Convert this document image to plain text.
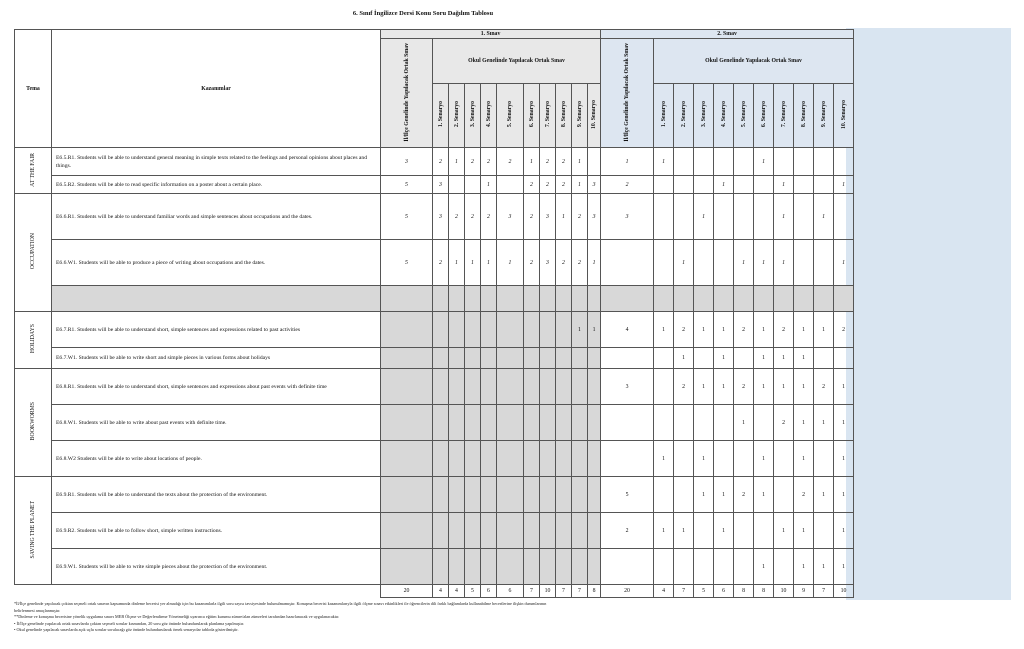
6. Sınıf İngilizce Dersi Konu Soru Dağılım Tablosu
Tema	Kazanımlar	1. Sınav											2. Sınav										
		İl/İlçe Genelinde Yapılacak Ortak Sınav	Okul Genelinde Yapılacak Ortak Sınav										İl/İlçe Genelinde Yapılacak Ortak Sınav	Okul Genelinde Yapılacak Ortak Sınav									
			1. Senaryo	2. Senaryo	3. Senaryo	4. Senaryo	5. Senaryo	6. Senaryo	7. Senaryo	8. Senaryo	9. Senaryo	10. Senaryo		1. Senaryo	2. Senaryo	3. Senaryo	4. Senaryo	5. Senaryo	6. Senaryo	7. Senaryo	8. Senaryo	9. Senaryo	10. Senaryo
AT THE FAIR	E6.5.R1. Students will be able to understand general meaning in simple texts related to the feelings and personal opinions about places and things.	3	2	1	2	2	2	1	2	2	1		1	1					1				
	E6.5.R2. Students will be able to read specific information on a poster about a certain place.	5	3			1		2	2	2	1	3	2				1			1			1
OCCUPATION	E6.6.R1. Students will be able to understand familiar words and simple sentences about occupations and the dates.	5	3	2	2	2	3	2	3	1	2	3	3			1				1		1	
	E6.6.W1. Students will be able to produce a piece of writing about occupations and the dates.	5	2	1	1	1	1	2	3	2	2	1			1			1	1	1			1

HOLIDAYS	E6.7.R1. Students will be able to understand short, simple sentences and expressions related to past activities										1	1	4	1	2	1	1	2	1	2	1	1	2
	E6.7.W1. Students will be able to write short and simple pieces in various forms about holidays														1		1		1	1	1		
BOOKWORMS	E6.8.R1. Students will be able to understand short, simple sentences and expressions about past events with definite time												3		2	1	1	2	1	1	1	2	1
	E6.8.W1. Students will be able to write about past events with definite time.																	1		2	1	1	1
	E6.8.W2 Students will be able to write about locations of people.													1		1			1		1		1
SAVING THE PLANET	E6.9.R1. Students will be able to understand the texts about the protection of the environment.												5			1	1	2	1		2	1	1
	E6.9.R2. Students will be able to follow short, simple written instructions.												2	1	1		1			1	1		1
	E6.9.W1. Students will be able to write simple pieces about the protection of the environment.																		1		1	1	1
		20	4	4	5	6	6	7	10	7	7	8	20	4	7	5	6	8	8	10	9	7	10
*İl/İlçe genelinde yapılacak çoktan seçmeli ortak sınavın kapsamında dinleme becerisi yer almadığı için bu kazanımlarla ilgili soru sayısı tavsiyesinde bulunulmamıştır. Konuşma becerisi kazanımlarıyla ilgili ölçme sınavı etkinlikleri ile öğrencilerin dili farklı bağlamlarda kullanabilme becerilerine ilişkin durumlarının
belirlenmesi amaçlanmıştır.
**Dinleme ve konuşma becerisine yönelik uygulama sınavı MEB Ölçme ve Değerlendirme Yönetmeliği uyarınca eğitim kurumu zümre/alan zümreleri tarafından hazırlanacak ve uygulanacaktır.
• İl/İlçe genelinde yapılacak ortak sınavlarda çoktan seçmeli sorular kısmından, 20 soru göz önünde bulundurularak planlama yapılmıştır.
• Okul genelinde yapılacak sınavlarda açık uçlu sorular sorulacağı göz önünde bulundurularak örnek senaryolar tabloda gösterilmiştir.
